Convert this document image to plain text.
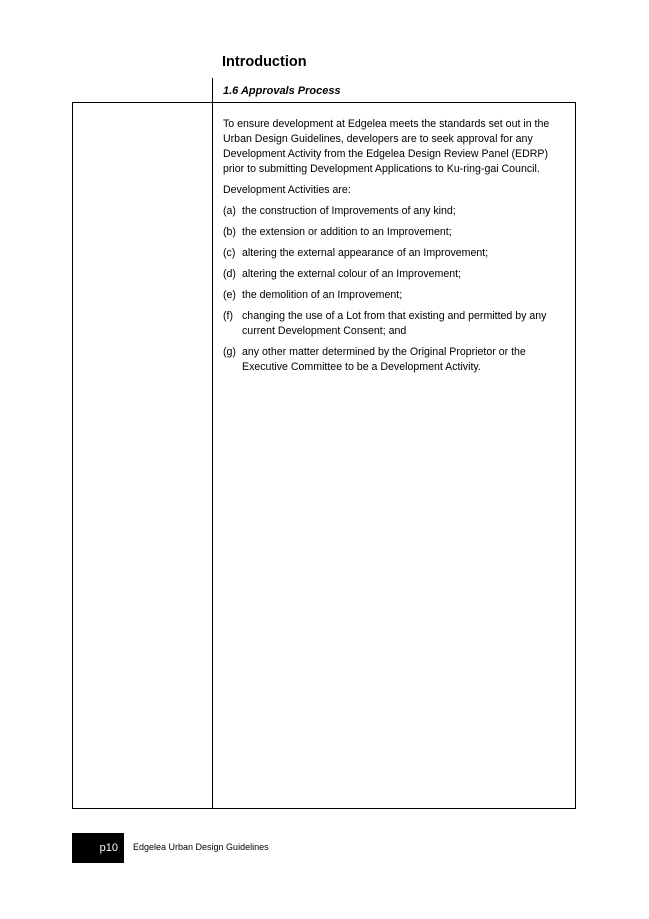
Introduction
1.6 Approvals Process

To ensure development at Edgelea meets the standards set out in the Urban Design Guidelines, developers are to seek approval for any Development Activity from the Edgelea Design Review Panel (EDRP) prior to submitting Development Applications to Ku-ring-gai Council.

Development Activities are:

(a) the construction of Improvements of any kind;
(b) the extension or addition to an Improvement;
(c) altering the external appearance of an Improvement;
(d) altering the external colour of an Improvement;
(e) the demolition of an Improvement;
(f) changing the use of a Lot from that existing and permitted by any current Development Consent; and
(g) any other matter determined by the Original Proprietor or the Executive Committee to be a Development Activity.
p10	Edgelea Urban Design Guidelines
